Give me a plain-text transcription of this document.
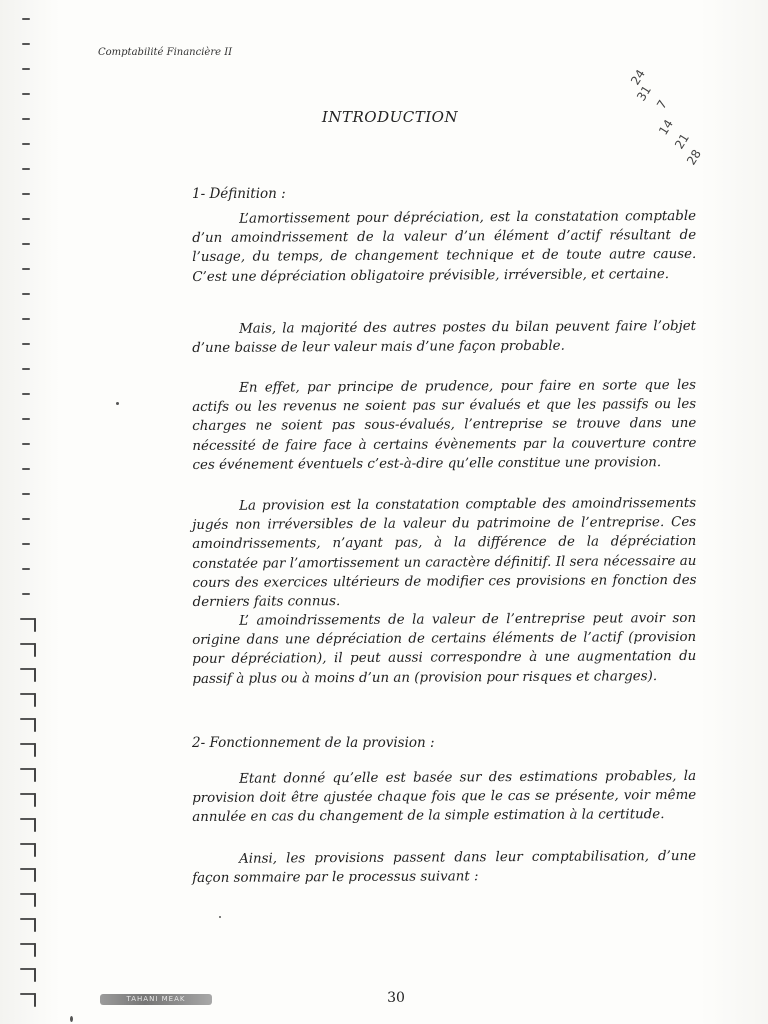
Comptabilité Financière II
24
31
7
14
21
28
INTRODUCTION
1- Définition :

L’amortissement pour dépréciation, est la constatation comptable d’un amoindrissement de la valeur d’un élément d’actif résultant de l’usage, du temps, de changement technique et de toute autre cause. C’est une dépréciation obligatoire prévisible, irréversible, et certaine.

Mais, la majorité des autres postes du bilan peuvent faire l’objet d’une baisse de leur valeur mais d’une façon probable.

En effet, par principe de prudence, pour faire en sorte que les actifs ou les revenus ne soient pas sur évalués et que les passifs ou les charges ne soient pas sous-évalués, l’entreprise se trouve dans une nécessité de faire face à certains évènements par la couverture contre ces événement éventuels c’est-à-dire qu’elle constitue une provision.

La provision est la constatation comptable des amoindrissements jugés non irréversibles de la valeur du patrimoine de l’entreprise. Ces amoindrissements, n’ayant pas, à la différence de la dépréciation constatée par l’amortissement un caractère définitif. Il sera nécessaire au cours des exercices ultérieurs de modifier ces provisions en fonction des derniers faits connus.

L’ amoindrissements de la valeur de l’entreprise peut avoir son origine dans une dépréciation de certains éléments de l’actif (provision pour dépréciation), il peut aussi correspondre à une augmentation du passif à plus ou à moins d’un an (provision pour risques et charges).

2- Fonctionnement de la provision :

Etant donné qu’elle est basée sur des estimations probables, la provision doit être ajustée chaque fois que le cas se présente, voir même annulée en cas du changement de la simple estimation à la certitude.

Ainsi, les provisions passent dans leur comptabilisation, d’une façon sommaire par le processus suivant :

TAHANI MEAK	30
